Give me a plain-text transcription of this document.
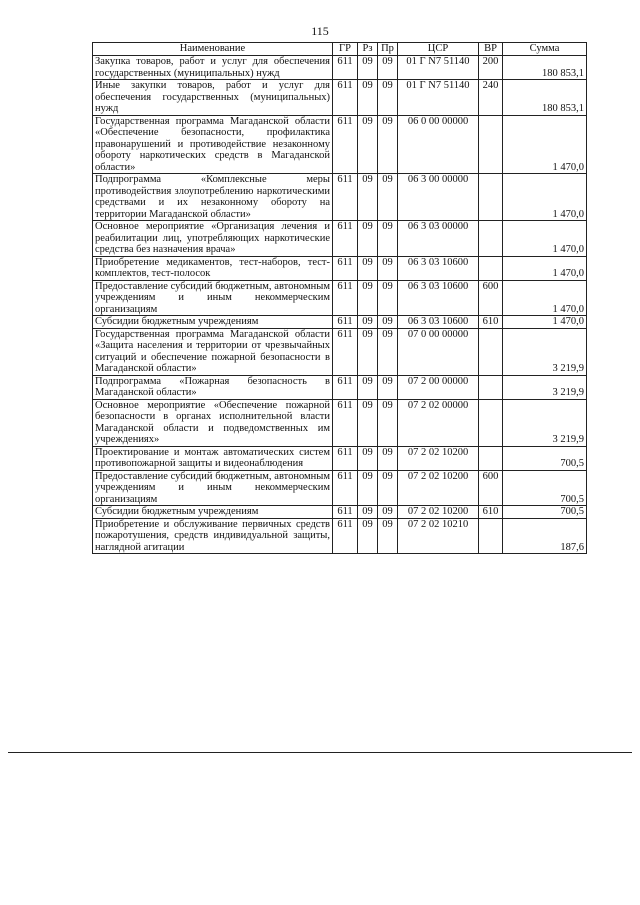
115
Наименование	ГР	Рз	Пр	ЦСР	ВР	Сумма
Закупка товаров, работ и услуг для обеспечения государственных (муниципальных) нужд	611	09	09	01 Г N7 51140	200	180 853,1
Иные закупки товаров, работ и услуг для обеспечения государственных (муниципальных) нужд	611	09	09	01 Г N7 51140	240	180 853,1
Государственная программа Магаданской области «Обеспечение безопасности, профилактика правонарушений и противодействие незаконному обороту наркотических средств в Магаданской области»	611	09	09	06 0 00 00000		1 470,0
Подпрограмма «Комплексные меры противодействия злоупотреблению наркотическими средствами и их незаконному обороту на территории Магаданской области»	611	09	09	06 3 00 00000		1 470,0
Основное мероприятие «Организация лечения и реабилитации лиц, употребляющих наркотические средства без назначения врача»	611	09	09	06 3 03 00000		1 470,0
Приобретение медикаментов, тест-наборов, тест-комплектов, тест-полосок	611	09	09	06 3 03 10600		1 470,0
Предоставление субсидий бюджетным, автономным учреждениям и иным некоммерческим организациям	611	09	09	06 3 03 10600	600	1 470,0
Субсидии бюджетным учреждениям	611	09	09	06 3 03 10600	610	1 470,0
Государственная программа Магаданской области «Защита населения и территории от чрезвычайных ситуаций и обеспечение пожарной безопасности в Магаданской области»	611	09	09	07 0 00 00000		3 219,9
Подпрограмма «Пожарная безопасность в Магаданской области»	611	09	09	07 2 00 00000		3 219,9
Основное мероприятие «Обеспечение пожарной безопасности в органах исполнительной власти Магаданской области и подведомственных им учреждениях»	611	09	09	07 2 02 00000		3 219,9
Проектирование и монтаж автоматических систем противопожарной защиты и видеонаблюдения	611	09	09	07 2 02 10200		700,5
Предоставление субсидий бюджетным, автономным учреждениям и иным некоммерческим организациям	611	09	09	07 2 02 10200	600	700,5
Субсидии бюджетным учреждениям	611	09	09	07 2 02 10200	610	700,5
Приобретение и обслуживание первичных средств пожаротушения, средств индивидуальной защиты, наглядной агитации	611	09	09	07 2 02 10210		187,6
